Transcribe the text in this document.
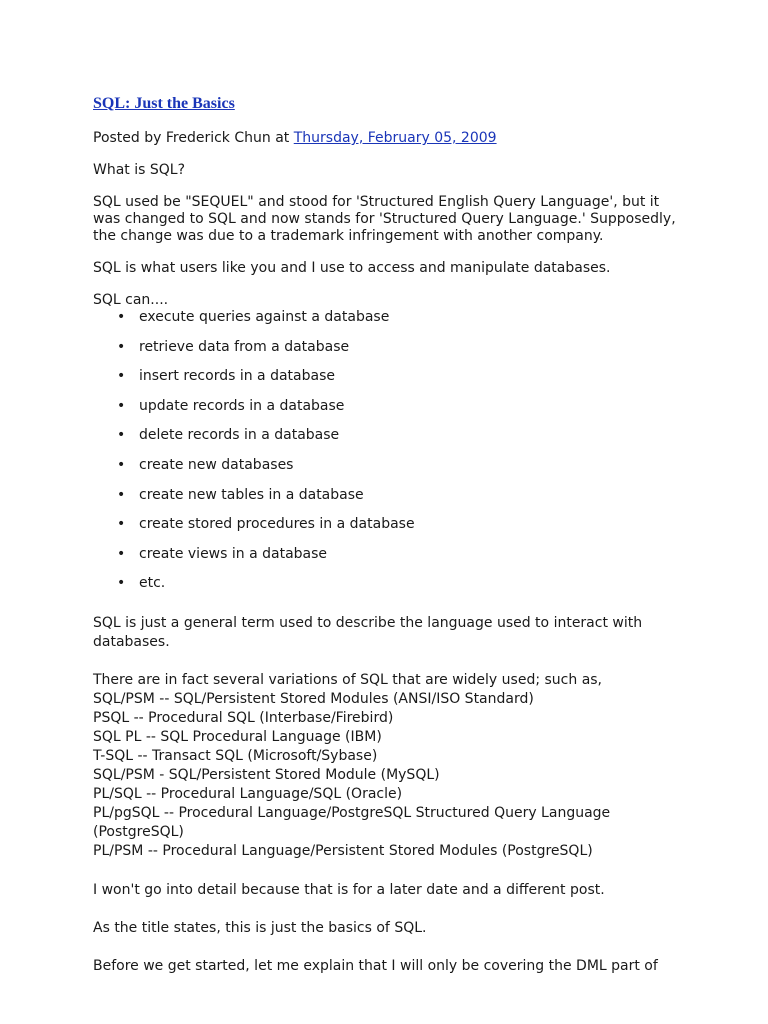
SQL: Just the Basics

Posted by Frederick Chun at Thursday, February 05, 2009

What is SQL?

SQL used be "SEQUEL" and stood for 'Structured English Query Language', but it was changed to SQL and now stands for 'Structured Query Language.' Supposedly, the change was due to a trademark infringement with another company.

SQL is what users like you and I use to access and manipulate databases.

SQL can....

• execute queries against a database
• retrieve data from a database
• insert records in a database
• update records in a database
• delete records in a database
• create new databases
• create new tables in a database
• create stored procedures in a database
• create views in a database
• etc.

SQL is just a general term used to describe the language used to interact with databases.

There are in fact several variations of SQL that are widely used; such as,
SQL/PSM -- SQL/Persistent Stored Modules (ANSI/ISO Standard)
PSQL -- Procedural SQL (Interbase/Firebird)
SQL PL -- SQL Procedural Language (IBM)
T-SQL -- Transact SQL (Microsoft/Sybase)
SQL/PSM - SQL/Persistent Stored Module (MySQL)
PL/SQL -- Procedural Language/SQL (Oracle)
PL/pgSQL -- Procedural Language/PostgreSQL Structured Query Language (PostgreSQL)
PL/PSM -- Procedural Language/Persistent Stored Modules (PostgreSQL)

I won't go into detail because that is for a later date and a different post.

As the title states, this is just the basics of SQL.

Before we get started, let me explain that I will only be covering the DML part of
